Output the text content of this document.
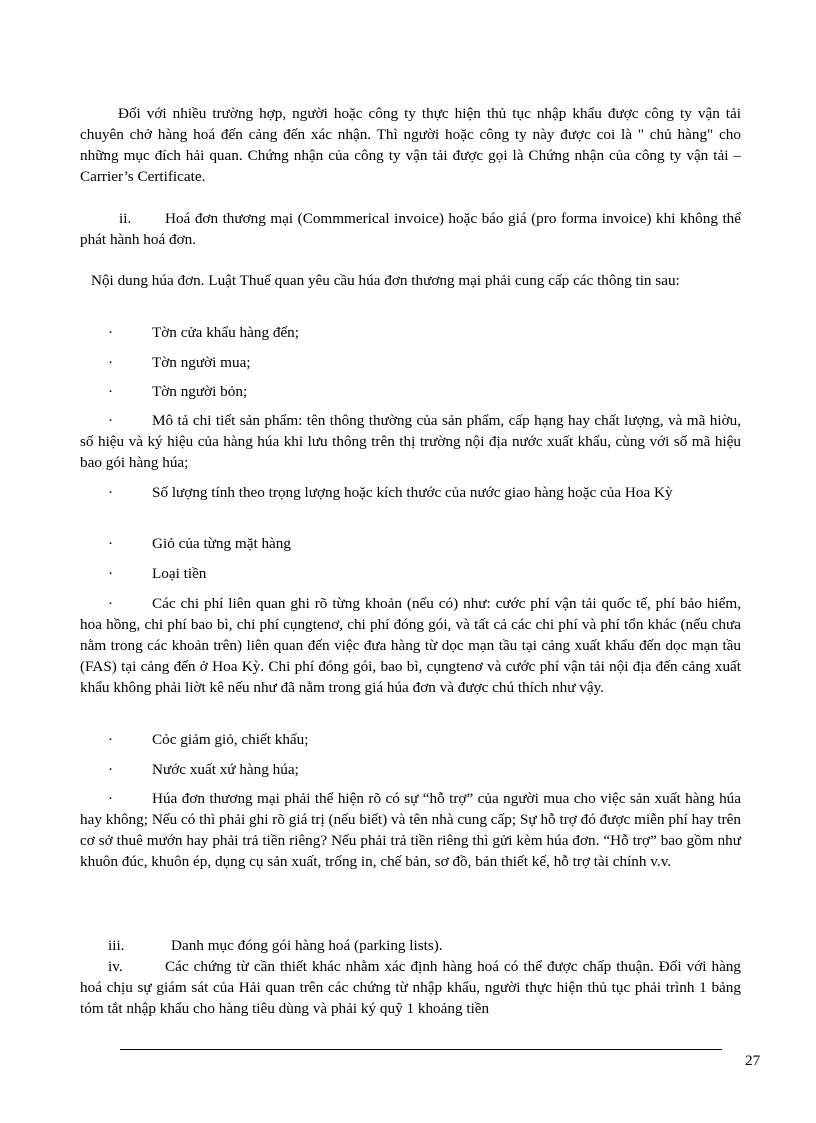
Đối với nhiều trường hợp, người hoặc công ty thực hiện thủ tục nhập khẩu được công ty vận tải chuyên chở hàng hoá đến cảng đến xác nhận. Thì người hoặc công ty này được coi là " chủ hàng" cho những mục đích hải quan. Chứng nhận của công ty vận tải được gọi là Chứng nhận của công ty vận tải – Carrier’s Certificate.
ii.	Hoá đơn thương mại (Commmerical invoice) hoặc báo giá (pro forma invoice) khi không thể phát hành hoá đơn.
Nội dung húa đơn. Luật Thuế quan yêu cầu húa đơn thương mại phải cung cấp các thông tin sau:
·	Tờn cửa khẩu hàng đến;
·	Tờn người mua;
·	Tờn người bỏn;
·	Mô tả chi tiết sản phẩm: tên thông thường của sản phẩm, cấp hạng hay chất lượng, và mã hiờu, số hiệu và ký hiệu của hàng húa khi lưu thông trên thị trường nội địa nước xuất khẩu, cùng với số mã hiệu bao gói hàng húa;
·	Số lượng tính theo trọng lượng hoặc kích thước của nước giao hàng hoặc của Hoa Kỳ
·	Giỏ của từng mặt hàng
·	Loại tiền
·	Các chi phí liên quan ghi rõ từng khoản (nếu có) như: cước phí vận tải quốc tế, phí bảo hiểm, hoa hồng, chi phí bao bì, chi phí cụngtenơ, chi phí đóng gói, và tất cả các chi phí và phí tổn khác (nếu chưa nằm trong các khoản trên) liên quan đến việc đưa hàng từ dọc mạn tầu tại cảng xuất khẩu đến dọc mạn tầu (FAS) tại cảng đến ở Hoa Kỳ. Chi phí đóng gói, bao bì, cụngtenơ và cước phí vận tải nội địa đến cảng xuất khẩu không phải liờt kê nếu như đã nằm trong giá húa đơn và được chú thích như vậy.
·	Cỏc giảm giỏ, chiết khấu;
·	Nước xuất xứ hàng húa;
·	Húa đơn thương mại phải thể hiện rõ có sự “hỗ trợ” của người mua cho việc sản xuất hàng húa hay không; Nếu có thì phải ghi rõ giá trị (nếu biết) và tên nhà cung cấp; Sự hỗ trợ đó được miễn phí hay trên cơ sở thuê mướn hay phải trả tiền riêng? Nếu phải trả tiền riêng thì gửi kèm húa đơn. “Hỗ trợ” bao gồm như khuôn đúc, khuôn ép, dụng cụ sản xuất, trống in, chế bản, sơ đồ, bản thiết kế, hỗ trợ tài chính v.v.
iii.	Danh mục đóng gói hàng hoá (parking lists).
iv.	Các chứng từ cần thiết khác nhằm xác định hàng hoá có thể được chấp thuận. Đối với hàng hoá chịu sự giám sát của Hải quan trên các chứng từ nhập khẩu, người thực hiện thủ tục phải trình 1 bảng tóm tắt nhập khẩu cho hàng tiêu dùng và phải ký quỹ 1 khoảng tiền
27
